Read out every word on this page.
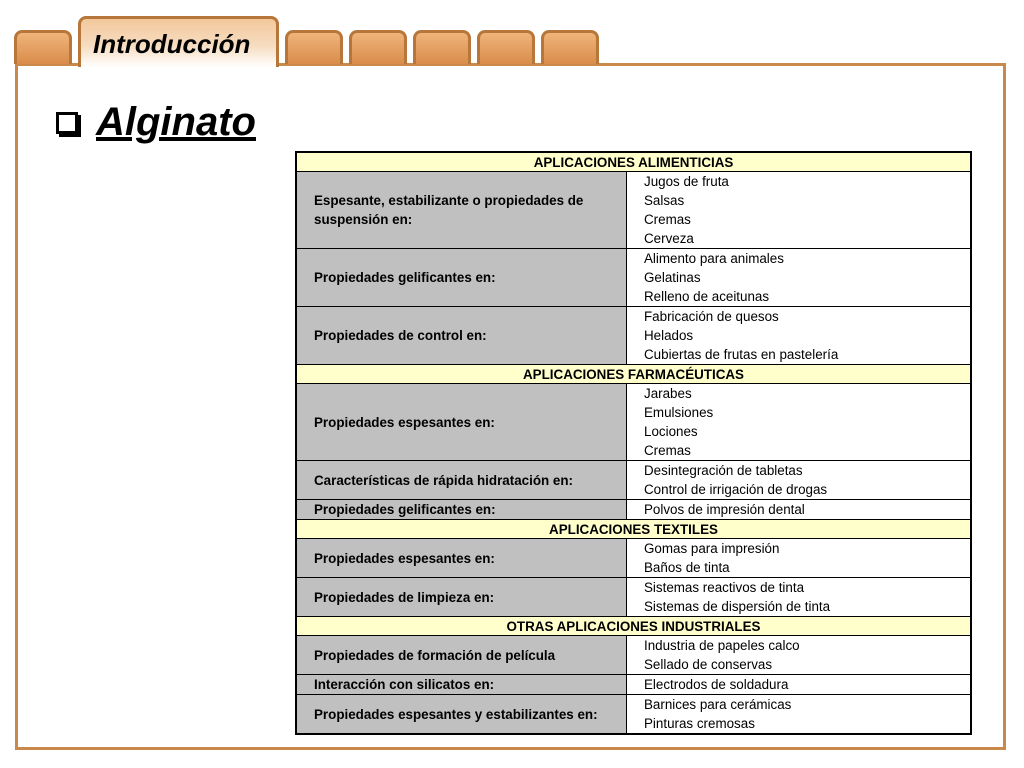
Introducción
Alginato
APLICACIONES ALIMENTICIAS	
Espesante, estabilizante o propiedades de suspensión en:	Jugos de fruta
Salsas
Cremas
Cerveza

Propiedades gelificantes en:	Alimento para animales
Gelatinas
Relleno de aceitunas

Propiedades de control en:	Fabricación de quesos
Helados
Cubiertas de frutas en pastelería

APLICACIONES FARMACÉUTICAS	
Propiedades espesantes en:	Jarabes
Emulsiones
Lociones
Cremas

Características de rápida hidratación en:	Desintegración de tabletas
Control de irrigación de drogas

Propiedades gelificantes en:	Polvos de impresión dental

APLICACIONES TEXTILES	
Propiedades espesantes en:	Gomas para impresión
Baños de tinta

Propiedades de limpieza en:	Sistemas reactivos de tinta
Sistemas de dispersión de tinta

OTRAS APLICACIONES INDUSTRIALES	
Propiedades de formación de película	Industria de papeles calco
Sellado de conservas

Interacción con silicatos en:	Electrodos de soldadura

Propiedades espesantes y estabilizantes en:	Barnices para cerámicas
Pinturas cremosas
